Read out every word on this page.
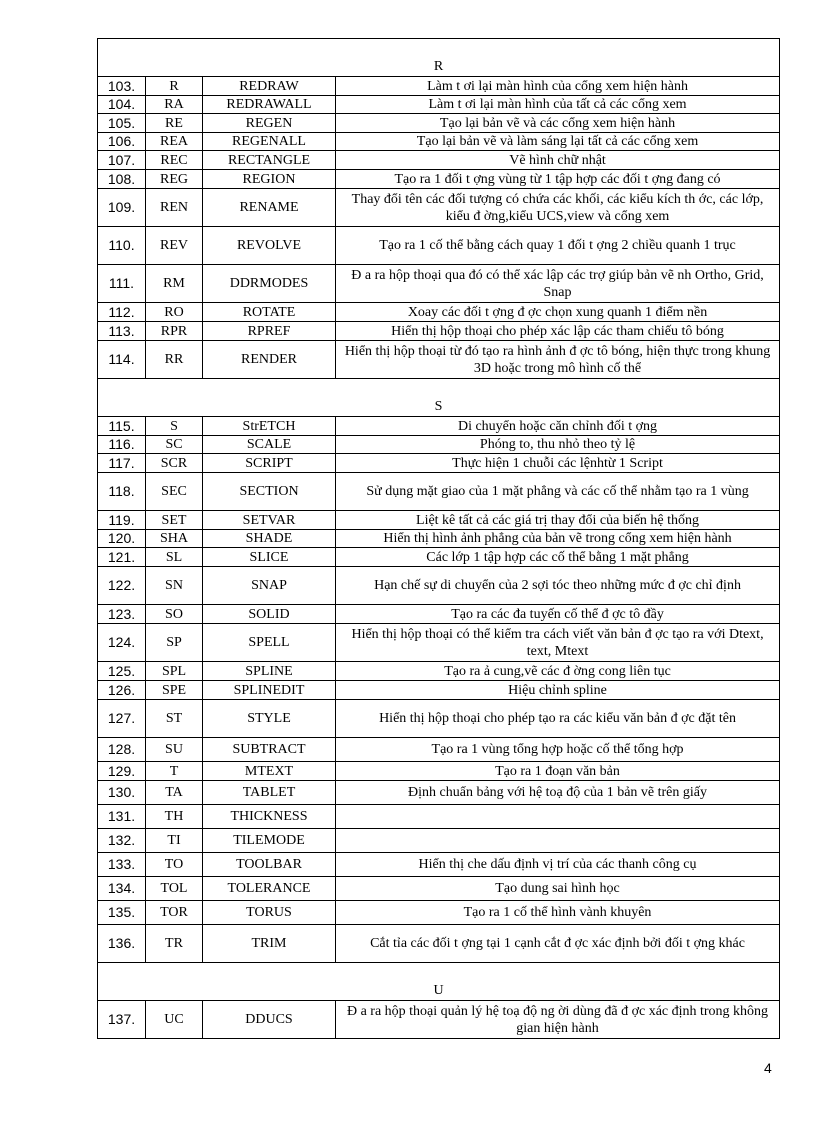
R			

103.	R	REDRAW	Làm t ơi lại màn hình của cổng xem hiện hành
104.	RA	REDRAWALL	Làm t ơi lại màn hình của tất cả các cổng xem
105.	RE	REGEN	Tạo lại bản vẽ và các cổng xem hiện hành
106.	REA	REGENALL	Tạo lại bản vẽ và làm sáng lại tất cả các cổng xem
107.	REC	RECTANGLE	Vẽ hình chữ nhật
108.	REG	REGION	Tạo ra 1 đối t ợng vùng từ 1 tập hợp các đối t ợng đang có
109.	REN	RENAME	Thay đổi tên các đối tượng có chứa các khối, các kiểu kích th ớc, các lớp, kiểu đ ờng,kiểu UCS,view và cổng xem
110.	REV	REVOLVE	Tạo ra 1 cố thể bằng cách quay 1 đối t ợng 2 chiều quanh 1 trục
111.	RM	DDRMODES	Đ a ra hộp thoại qua đó có thể xác lập các trợ giúp bản vẽ nh Ortho, Grid, Snap
112.	RO	ROTATE	Xoay các đối t ợng đ ợc chọn xung quanh 1 điểm nền
113.	RPR	RPREF	Hiển thị hộp thoại cho phép xác lập các tham chiếu tô bóng
114.	RR	RENDER	Hiển thị hộp thoại từ đó tạo ra hình ảnh đ ợc tô bóng, hiện thực trong khung 3D hoặc trong mô hình cố thể

S			

115.	S	StrETCH	Di chuyển hoặc căn chỉnh đối t ợng
116.	SC	SCALE	Phóng to, thu nhỏ theo tỷ lệ
117.	SCR	SCRIPT	Thực hiện 1 chuỗi các lệnhtừ 1 Script
118.	SEC	SECTION	Sử dụng mặt giao của 1 mặt phẳng và các cố thể nhằm tạo ra 1 vùng
119.	SET	SETVAR	Liệt kê tất cả các giá trị thay đổi của biến hệ thống
120.	SHA	SHADE	Hiển thị hình ảnh phẳng của bản vẽ trong cổng xem hiện hành
121.	SL	SLICE	Các lớp 1 tập hợp các cố thể bằng 1 mặt phẳng
122.	SN	SNAP	Hạn chế sự di chuyển của 2 sợi tóc theo những mức đ ợc chỉ định
123.	SO	SOLID	Tạo ra các đa tuyến cố thể đ ợc tô đầy
124.	SP	SPELL	Hiển thị hộp thoại có thể kiểm tra cách viết văn bản đ ợc tạo ra với Dtext, text, Mtext
125.	SPL	SPLINE	Tạo ra ả cung,vẽ các đ ờng cong liên tục
126.	SPE	SPLINEDIT	Hiệu chỉnh spline
127.	ST	STYLE	Hiển thị hộp thoại cho phép tạo ra các kiểu văn bản đ ợc đặt tên
128.	SU	SUBTRACT	Tạo ra 1 vùng tổng hợp hoặc cố thể tổng hợp
129.	T	MTEXT	Tạo ra 1 đoạn văn bản
130.	TA	TABLET	Định chuẩn bảng với hệ toạ độ của 1 bản vẽ trên giấy
131.	TH	THICKNESS	
132.	TI	TILEMODE	
133.	TO	TOOLBAR	Hiển thị che dấu định vị trí của các thanh công cụ
134.	TOL	TOLERANCE	Tạo dung sai hình học
135.	TOR	TORUS	Tạo ra 1 cố thể hình vành khuyên
136.	TR	TRIM	Cắt tỉa các đối t ợng tại 1 cạnh cắt đ ợc xác định bởi đối t ợng khác

U			

137.	UC	DDUCS	Đ a ra hộp thoại quản lý hệ toạ độ ng ời dùng đã đ ợc xác định trong không gian hiện hành
4
